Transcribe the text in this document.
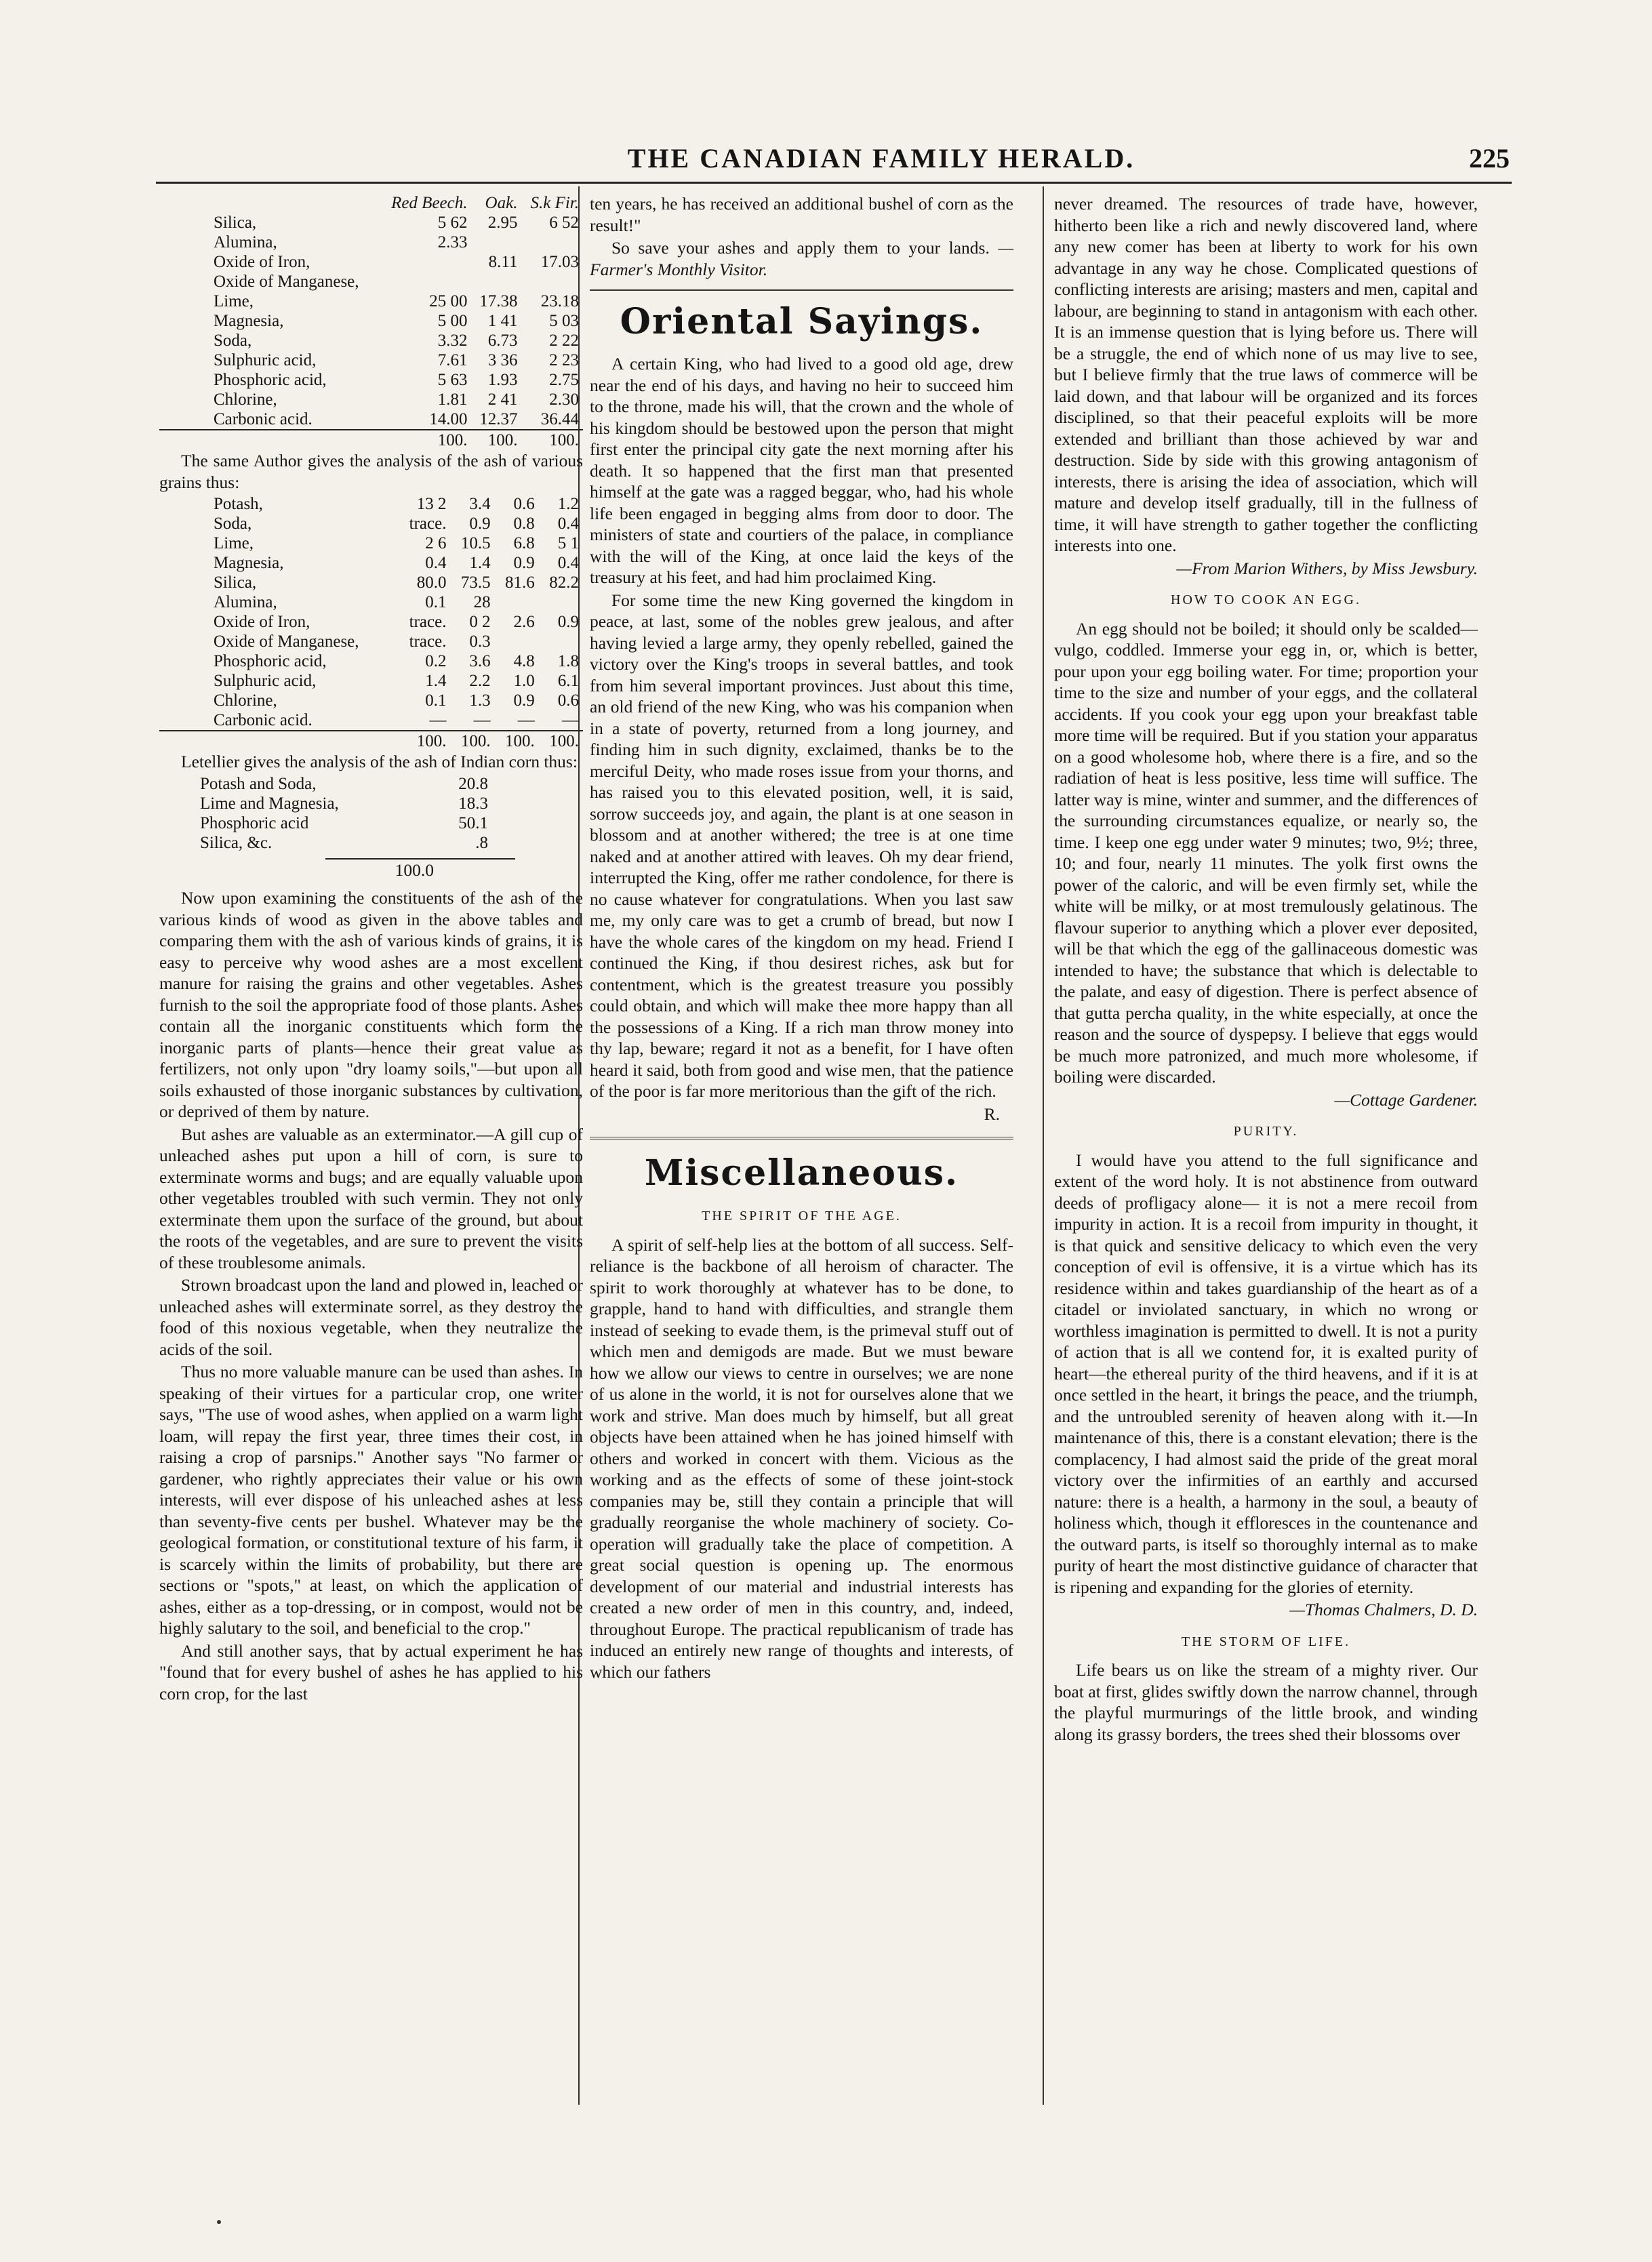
THE CANADIAN FAMILY HERALD.	225
	Red Beech.	Oak.	S.k Fir.
Silica,	5 62	2.95	6 52
Alumina,	2.33		
Oxide of Iron,		8.11	17.03
Oxide of Manganese,			
Lime,	25 00	17.38	23.18
Magnesia,	5 00	1 41	5 03
Soda,	3.32	6.73	2 22
Sulphuric acid,	7.61	3 36	2 23
Phosphoric acid,	5 63	1.93	2.75
Chlorine,	1.81	2 41	2.30
Carbonic acid.	14.00	12.37	36.44
	100.	100.	100.

The same Author gives the analysis of the ash of various grains thus:

Potash,	13 2	3.4	0.6	1.2
Soda,	trace.	0.9	0.8	0.4
Lime,	2 6	10.5	6.8	5 1
Magnesia,	0.4	1.4	0.9	0.4
Silica,	80.0	73.5	81.6	82.2
Alumina,	0.1	28		
Oxide of Iron,	trace.	0 2	2.6	0.9
Oxide of Manganese,	trace.	0.3		
Phosphoric acid,	0.2	3.6	4.8	1.8
Sulphuric acid,	1.4	2.2	1.0	6.1
Chlorine,	0.1	1.3	0.9	0.6
Carbonic acid.	—	—	—	—
	100.	100.	100.	100.

Letellier gives the analysis of the ash of Indian corn thus:

Potash and Soda,	20.8
Lime and Magnesia,	18.3
Phosphoric acid	50.1
Silica, &c.	.8
100.0

Now upon examining the constituents of the ash of the various kinds of wood as given in the above tables and comparing them with the ash of various kinds of grains, it is easy to perceive why wood ashes are a most excellent manure for raising the grains and other vegetables. Ashes furnish to the soil the appropriate food of those plants. Ashes contain all the inorganic constituents which form the inorganic parts of plants—hence their great value as fertilizers, not only upon "dry loamy soils,"—but upon all soils exhausted of those inorganic substances by cultivation, or deprived of them by nature.

But ashes are valuable as an exterminator.—A gill cup of unleached ashes put upon a hill of corn, is sure to exterminate worms and bugs; and are equally valuable upon other vegetables troubled with such vermin. They not only exterminate them upon the surface of the ground, but about the roots of the vegetables, and are sure to prevent the visits of these troublesome animals.

Strown broadcast upon the land and plowed in, leached or unleached ashes will exterminate sorrel, as they destroy the food of this noxious vegetable, when they neutralize the acids of the soil.

Thus no more valuable manure can be used than ashes. In speaking of their virtues for a particular crop, one writer says, "The use of wood ashes, when applied on a warm light loam, will repay the first year, three times their cost, in raising a crop of parsnips." Another says "No farmer or gardener, who rightly appreciates their value or his own interests, will ever dispose of his unleached ashes at less than seventy-five cents per bushel. Whatever may be the geological formation, or constitutional texture of his farm, it is scarcely within the limits of probability, but there are sections or "spots," at least, on which the application of ashes, either as a top-dressing, or in compost, would not be highly salutary to the soil, and beneficial to the crop."

And still another says, that by actual experiment he has "found that for every bushel of ashes he has applied to his corn crop, for the last

ten years, he has received an additional bushel of corn as the result!"

So save your ashes and apply them to your lands. —Farmer's Monthly Visitor.

Oriental Sayings.

A certain King, who had lived to a good old age, drew near the end of his days, and having no heir to succeed him to the throne, made his will, that the crown and the whole of his kingdom should be bestowed upon the person that might first enter the principal city gate the next morning after his death. It so happened that the first man that presented himself at the gate was a ragged beggar, who, had his whole life been engaged in begging alms from door to door. The ministers of state and courtiers of the palace, in compliance with the will of the King, at once laid the keys of the treasury at his feet, and had him proclaimed King.

For some time the new King governed the kingdom in peace, at last, some of the nobles grew jealous, and after having levied a large army, they openly rebelled, gained the victory over the King's troops in several battles, and took from him several important provinces. Just about this time, an old friend of the new King, who was his companion when in a state of poverty, returned from a long journey, and finding him in such dignity, exclaimed, thanks be to the merciful Deity, who made roses issue from your thorns, and has raised you to this elevated position, well, it is said, sorrow succeeds joy, and again, the plant is at one season in blossom and at another withered; the tree is at one time naked and at another attired with leaves. Oh my dear friend, interrupted the King, offer me rather condolence, for there is no cause whatever for congratulations. When you last saw me, my only care was to get a crumb of bread, but now I have the whole cares of the kingdom on my head. Friend I continued the King, if thou desirest riches, ask but for contentment, which is the greatest treasure you possibly could obtain, and which will make thee more happy than all the possessions of a King. If a rich man throw money into thy lap, beware; regard it not as a benefit, for I have often heard it said, both from good and wise men, that the patience of the poor is far more meritorious than the gift of the rich.

R.
Miscellaneous.
THE SPIRIT OF THE AGE.

A spirit of self-help lies at the bottom of all success. Self-reliance is the backbone of all heroism of character. The spirit to work thoroughly at whatever has to be done, to grapple, hand to hand with difficulties, and strangle them instead of seeking to evade them, is the primeval stuff out of which men and demigods are made. But we must beware how we allow our views to centre in ourselves; we are none of us alone in the world, it is not for ourselves alone that we work and strive. Man does much by himself, but all great objects have been attained when he has joined himself with others and worked in concert with them. Vicious as the working and as the effects of some of these joint-stock companies may be, still they contain a principle that will gradually reorganise the whole machinery of society. Co-operation will gradually take the place of competition. A great social question is opening up. The enormous development of our material and industrial interests has created a new order of men in this country, and, indeed, throughout Europe. The practical republicanism of trade has induced an entirely new range of thoughts and interests, of which our fathers

never dreamed. The resources of trade have, however, hitherto been like a rich and newly discovered land, where any new comer has been at liberty to work for his own advantage in any way he chose. Complicated questions of conflicting interests are arising; masters and men, capital and labour, are beginning to stand in antagonism with each other. It is an immense question that is lying before us. There will be a struggle, the end of which none of us may live to see, but I believe firmly that the true laws of commerce will be laid down, and that labour will be organized and its forces disciplined, so that their peaceful exploits will be more extended and brilliant than those achieved by war and destruction. Side by side with this growing antagonism of interests, there is arising the idea of association, which will mature and develop itself gradually, till in the fullness of time, it will have strength to gather together the conflicting interests into one.

—From Marion Withers, by Miss Jewsbury.
HOW TO COOK AN EGG.

An egg should not be boiled; it should only be scalded—vulgo, coddled. Immerse your egg in, or, which is better, pour upon your egg boiling water. For time; proportion your time to the size and number of your eggs, and the collateral accidents. If you cook your egg upon your breakfast table more time will be required. But if you station your apparatus on a good wholesome hob, where there is a fire, and so the radiation of heat is less positive, less time will suffice. The latter way is mine, winter and summer, and the differences of the surrounding circumstances equalize, or nearly so, the time. I keep one egg under water 9 minutes; two, 9½; three, 10; and four, nearly 11 minutes. The yolk first owns the power of the caloric, and will be even firmly set, while the white will be milky, or at most tremulously gelatinous. The flavour superior to anything which a plover ever deposited, will be that which the egg of the gallinaceous domestic was intended to have; the substance that which is delectable to the palate, and easy of digestion. There is perfect absence of that gutta percha quality, in the white especially, at once the reason and the source of dyspepsy. I believe that eggs would be much more patronized, and much more wholesome, if boiling were discarded.

—Cottage Gardener.
PURITY.

I would have you attend to the full significance and extent of the word holy. It is not abstinence from outward deeds of profligacy alone— it is not a mere recoil from impurity in action. It is a recoil from impurity in thought, it is that quick and sensitive delicacy to which even the very conception of evil is offensive, it is a virtue which has its residence within and takes guardianship of the heart as of a citadel or inviolated sanctuary, in which no wrong or worthless imagination is permitted to dwell. It is not a purity of action that is all we contend for, it is exalted purity of heart—the ethereal purity of the third heavens, and if it is at once settled in the heart, it brings the peace, and the triumph, and the untroubled serenity of heaven along with it.—In maintenance of this, there is a constant elevation; there is the complacency, I had almost said the pride of the great moral victory over the infirmities of an earthly and accursed nature: there is a health, a harmony in the soul, a beauty of holiness which, though it effloresces in the countenance and the outward parts, is itself so thoroughly internal as to make purity of heart the most distinctive guidance of character that is ripening and expanding for the glories of eternity.

—Thomas Chalmers, D. D.
THE STORM OF LIFE.

Life bears us on like the stream of a mighty river. Our boat at first, glides swiftly down the narrow channel, through the playful murmurings of the little brook, and winding along its grassy borders, the trees shed their blossoms over
